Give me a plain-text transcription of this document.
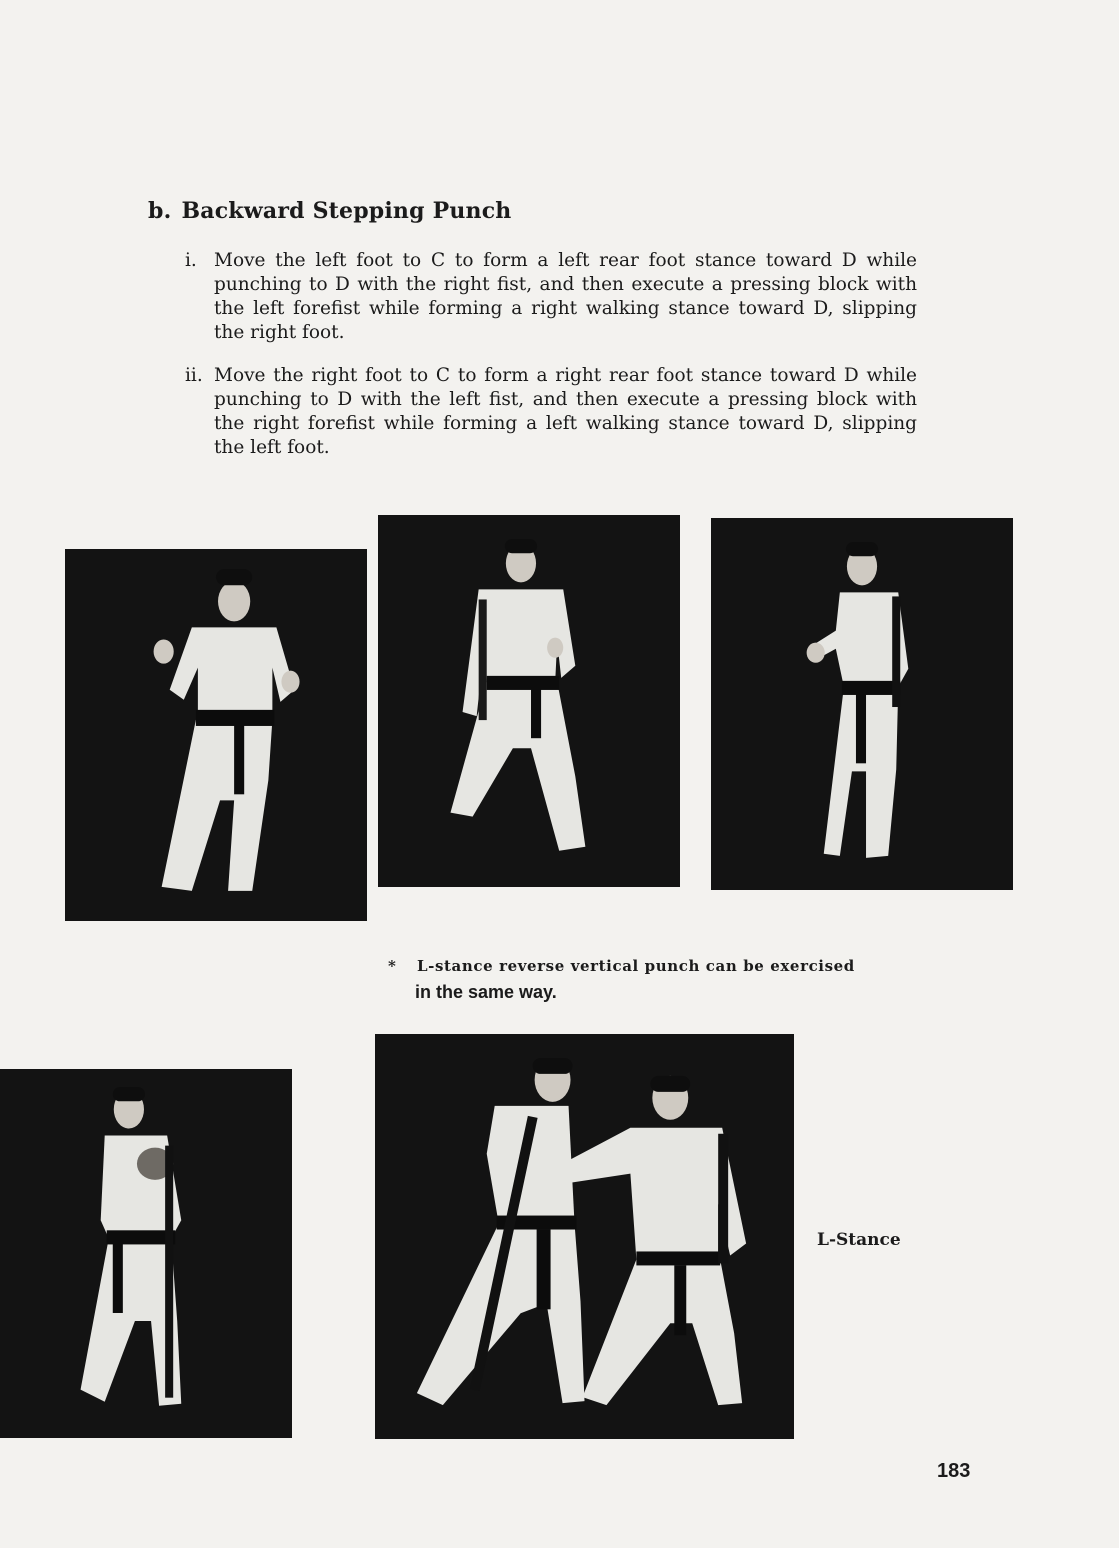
b. Backward Stepping Punch
i. Move the left foot to C to form a left rear foot stance toward D while punching to D with the right fist, and then execute a pressing block with the left forefist while forming a right walking stance toward D, slipping the right foot.
ii. Move the right foot to C to form a right rear foot stance toward D while punching to D with the left fist, and then execute a pressing block with the right forefist while forming a left walking stance toward D, slipping the left foot.
* L-stance reverse vertical punch can be exercised
in the same way.
L-Stance
183
